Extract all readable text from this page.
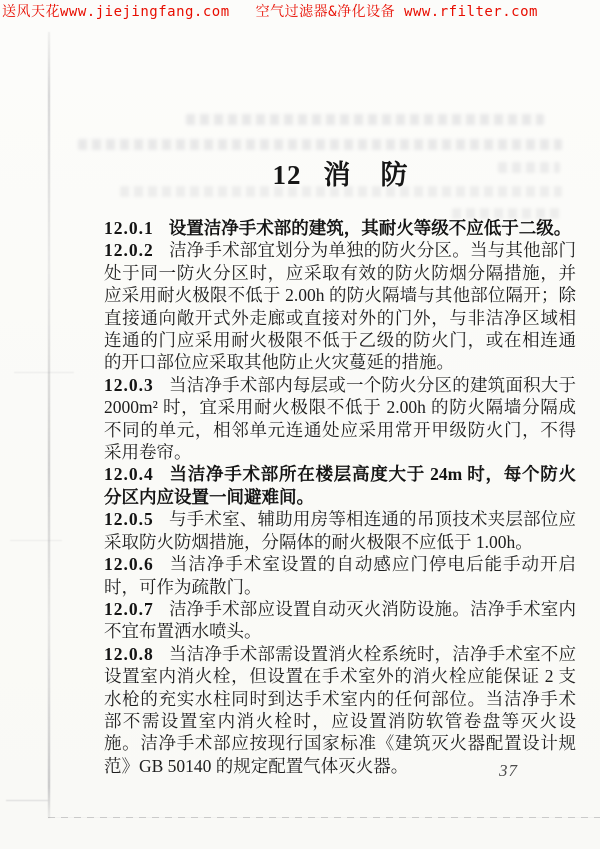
送风天花www.jiejingfang.com 空气过滤器&净化设备 www.rfilter.com
12 消 防

12.0.1 设置洁净手术部的建筑，其耐火等级不应低于二级。

12.0.2 洁净手术部宜划分为单独的防火分区。当与其他部门处于同一防火分区时，应采取有效的防火防烟分隔措施，并应采用耐火极限不低于 2.00h 的防火隔墙与其他部位隔开；除直接通向敞开式外走廊或直接对外的门外，与非洁净区域相连通的门应采用耐火极限不低于乙级的防火门，或在相连通的开口部位应采取其他防止火灾蔓延的措施。

12.0.3 当洁净手术部内每层或一个防火分区的建筑面积大于 2000m² 时，宜采用耐火极限不低于 2.00h 的防火隔墙分隔成不同的单元，相邻单元连通处应采用常开甲级防火门，不得采用卷帘。

12.0.4 当洁净手术部所在楼层高度大于 24m 时，每个防火分区内应设置一间避难间。

12.0.5 与手术室、辅助用房等相连通的吊顶技术夹层部位应采取防火防烟措施，分隔体的耐火极限不应低于 1.00h。

12.0.6 当洁净手术室设置的自动感应门停电后能手动开启时，可作为疏散门。

12.0.7 洁净手术部应设置自动灭火消防设施。洁净手术室内不宜布置洒水喷头。

12.0.8 当洁净手术部需设置消火栓系统时，洁净手术室不应设置室内消火栓，但设置在手术室外的消火栓应能保证 2 支水枪的充实水柱同时到达手术室内的任何部位。当洁净手术部不需设置室内消火栓时，应设置消防软管卷盘等灭火设施。洁净手术部应按现行国家标准《建筑灭火器配置设计规范》GB 50140 的规定配置气体灭火器。	37
